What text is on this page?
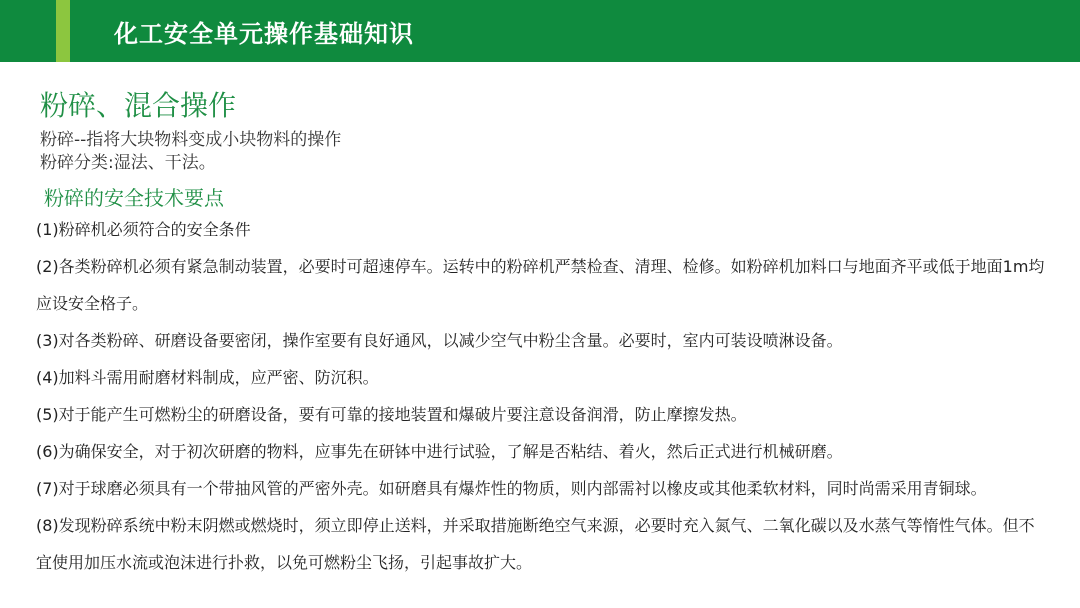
化工安全单元操作基础知识
粉碎、混合操作
粉碎--指将大块物料变成小块物料的操作
粉碎分类:湿法、干法。
粉碎的安全技术要点
(1)粉碎机必须符合的安全条件
(2)各类粉碎机必须有紧急制动装置，必要时可超速停车。运转中的粉碎机严禁检查、清理、检修。如粉碎机加料口与地面齐平或低于地面1m均应设安全格子。
(3)对各类粉碎、研磨设备要密闭，操作室要有良好通风，以减少空气中粉尘含量。必要时，室内可装设喷淋设备。
(4)加料斗需用耐磨材料制成，应严密、防沉积。
(5)对于能产生可燃粉尘的研磨设备，要有可靠的接地装置和爆破片要注意设备润滑，防止摩擦发热。
(6)为确保安全，对于初次研磨的物料，应事先在研钵中进行试验，了解是否粘结、着火，然后正式进行机械研磨。
(7)对于球磨必须具有一个带抽风管的严密外壳。如研磨具有爆炸性的物质，则内部需衬以橡皮或其他柔软材料，同时尚需采用青铜球。
(8)发现粉碎系统中粉末阴燃或燃烧时，须立即停止送料，并采取措施断绝空气来源，必要时充入氮气、二氧化碳以及水蒸气等惰性气体。但不宜使用加压水流或泡沫进行扑救，以免可燃粉尘飞扬，引起事故扩大。
